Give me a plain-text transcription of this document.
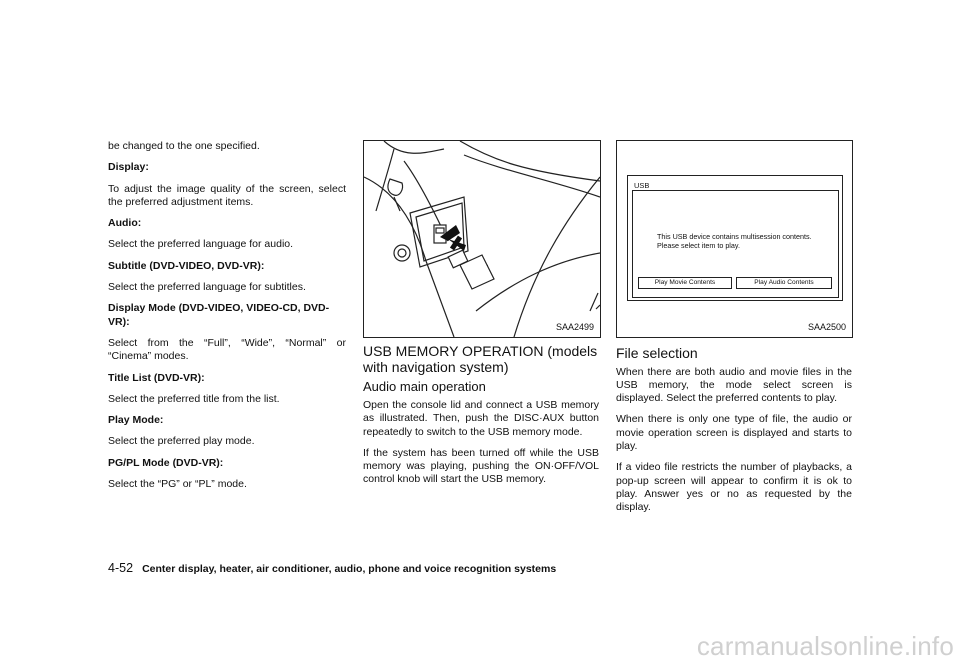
be changed to the one specified.

Display:

To adjust the image quality of the screen, select the preferred adjustment items.

Audio:

Select the preferred language for audio.

Subtitle (DVD-VIDEO, DVD-VR):

Select the preferred language for subtitles.

Display Mode (DVD-VIDEO, VIDEO-CD, DVD-VR):

Select from the “Full”, “Wide”, “Normal” or “Cinema” modes.

Title List (DVD-VR):

Select the preferred title from the list.

Play Mode:

Select the preferred play mode.

PG/PL Mode (DVD-VR):

Select the “PG” or “PL” mode.

SAA2499
USB MEMORY OPERATION (models with navigation system)
Audio main operation

Open the console lid and connect a USB memory as illustrated. Then, push the DISC·AUX button repeatedly to switch to the USB memory mode.

If the system has been turned off while the USB memory was playing, pushing the ON·OFF/VOL control knob will start the USB memory.

USB
This USB device contains multisession contents.
Please select item to play.
Play Movie Contents	Play Audio Contents
SAA2500
File selection

When there are both audio and movie files in the USB memory, the mode select screen is displayed. Select the preferred contents to play.

When there is only one type of file, the audio or movie operation screen is displayed and starts to play.

If a video file restricts the number of playbacks, a pop-up screen will appear to confirm it is ok to play. Answer yes or no as requested by the display.

4-52 Center display, heater, air conditioner, audio, phone and voice recognition systems
carmanualsonline.info
